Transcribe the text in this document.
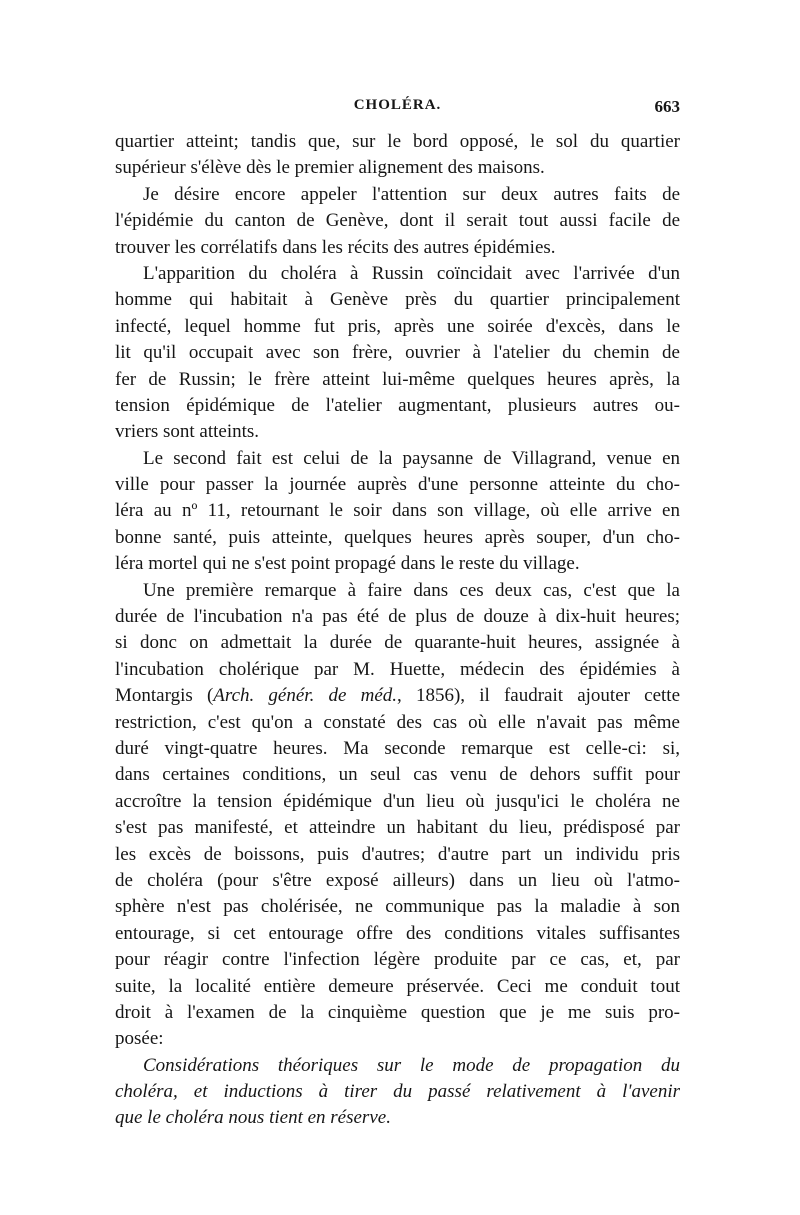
CHOLÉRA.	663
quartier atteint; tandis que, sur le bord opposé, le sol du quartier
supérieur s'élève dès le premier alignement des maisons.
Je désire encore appeler l'attention sur deux autres faits de
l'épidémie du canton de Genève, dont il serait tout aussi facile de
trouver les corrélatifs dans les récits des autres épidémies.
L'apparition du choléra à Russin coïncidait avec l'arrivée d'un
homme qui habitait à Genève près du quartier principalement
infecté, lequel homme fut pris, après une soirée d'excès, dans le
lit qu'il occupait avec son frère, ouvrier à l'atelier du chemin de
fer de Russin; le frère atteint lui-même quelques heures après, la
tension épidémique de l'atelier augmentant, plusieurs autres ou-
vriers sont atteints.
Le second fait est celui de la paysanne de Villagrand, venue en
ville pour passer la journée auprès d'une personne atteinte du cho-
léra au nº 11, retournant le soir dans son village, où elle arrive en
bonne santé, puis atteinte, quelques heures après souper, d'un cho-
léra mortel qui ne s'est point propagé dans le reste du village.
Une première remarque à faire dans ces deux cas, c'est que la
durée de l'incubation n'a pas été de plus de douze à dix-huit heures;
si donc on admettait la durée de quarante-huit heures, assignée à
l'incubation cholérique par M. Huette, médecin des épidémies à
Montargis (Arch. génér. de méd., 1856), il faudrait ajouter cette
restriction, c'est qu'on a constaté des cas où elle n'avait pas même
duré vingt-quatre heures. Ma seconde remarque est celle-ci: si,
dans certaines conditions, un seul cas venu de dehors suffit pour
accroître la tension épidémique d'un lieu où jusqu'ici le choléra ne
s'est pas manifesté, et atteindre un habitant du lieu, prédisposé par
les excès de boissons, puis d'autres; d'autre part un individu pris
de choléra (pour s'être exposé ailleurs) dans un lieu où l'atmo-
sphère n'est pas cholérisée, ne communique pas la maladie à son
entourage, si cet entourage offre des conditions vitales suffisantes
pour réagir contre l'infection légère produite par ce cas, et, par
suite, la localité entière demeure préservée. Ceci me conduit tout
droit à l'examen de la cinquième question que je me suis pro-
posée:
Considérations théoriques sur le mode de propagation du
choléra, et inductions à tirer du passé relativement à l'avenir
que le choléra nous tient en réserve.
